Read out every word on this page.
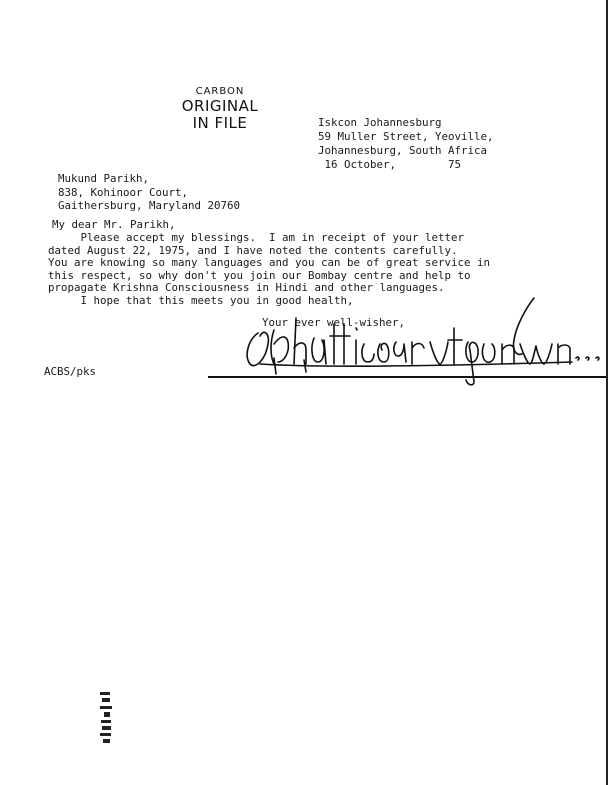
CARBON
ORIGINAL
IN FILE	Iskcon Johannesburg
59 Muller Street, Yeoville,
Johannesburg, South Africa
16 October,        75
Mukund Parikh,
838, Kohinoor Court,
Gaithersburg, Maryland 20760
My dear Mr. Parikh,
Please accept my blessings.  I am in receipt of your letter
dated August 22, 1975, and I have noted the contents carefully.
You are knowing so many languages and you can be of great service in
this respect, so why don't you join our Bombay centre and help to
propagate Krishna Consciousness in Hindi and other languages.
I hope that this meets you in good health,
Your ever well-wisher,
ACBS/pks
